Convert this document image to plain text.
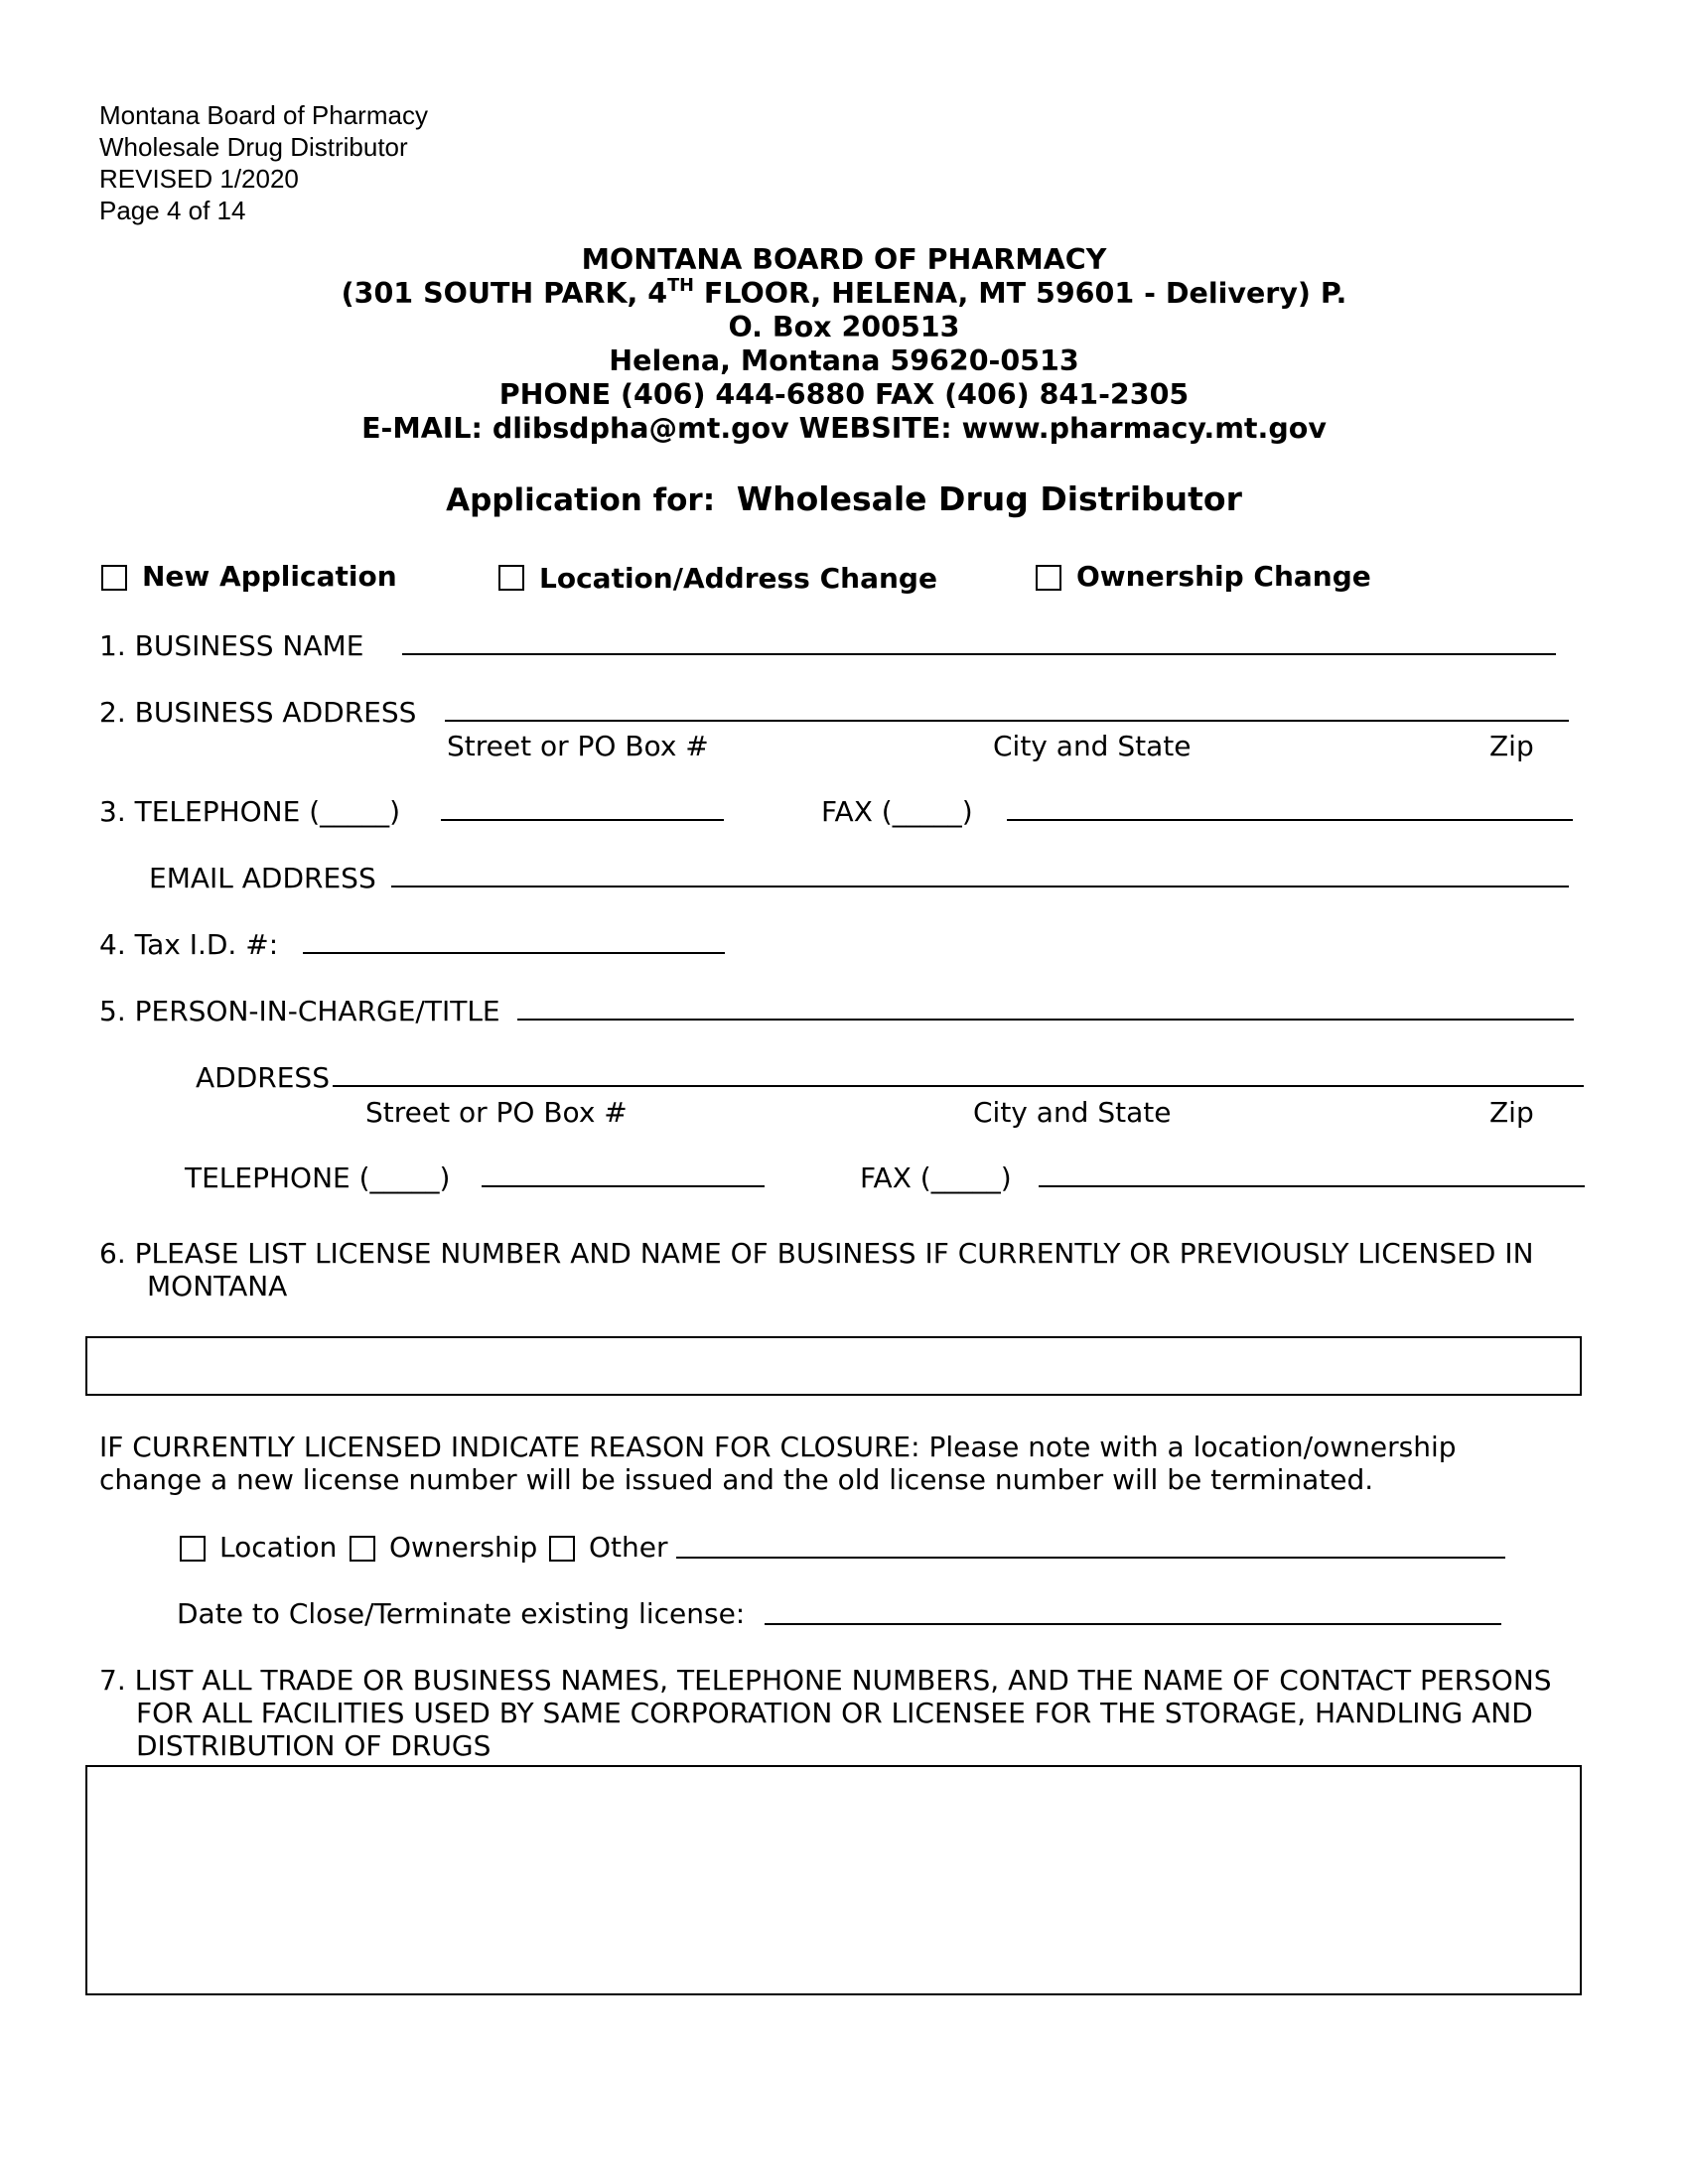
Montana Board of Pharmacy
Wholesale Drug Distributor
REVISED 1/2020
Page 4 of 14
MONTANA BOARD OF PHARMACY
(301 SOUTH PARK, 4TH FLOOR, HELENA, MT 59601 - Delivery) P.
O. Box 200513
Helena, Montana 59620-0513
PHONE (406) 444-6880 FAX (406) 841-2305
E-MAIL: dlibsdpha@mt.gov WEBSITE: www.pharmacy.mt.gov
Application for: Wholesale Drug Distributor
New Application	Location/Address Change	Ownership Change
1. BUSINESS NAME
2. BUSINESS ADDRESS
Street or PO Box #	City and State	Zip
3. TELEPHONE (_____)	FAX (_____)
EMAIL ADDRESS
4. Tax I.D. #:
5. PERSON-IN-CHARGE/TITLE
ADDRESS
Street or PO Box #	City and State	Zip
TELEPHONE (_____)	FAX (_____)
6. PLEASE LIST LICENSE NUMBER AND NAME OF BUSINESS IF CURRENTLY OR PREVIOUSLY LICENSED IN
MONTANA
IF CURRENTLY LICENSED INDICATE REASON FOR CLOSURE: Please note with a location/ownership
change a new license number will be issued and the old license number will be terminated.
Location Ownership Other
Date to Close/Terminate existing license:
7. LIST ALL TRADE OR BUSINESS NAMES, TELEPHONE NUMBERS, AND THE NAME OF CONTACT PERSONS
FOR ALL FACILITIES USED BY SAME CORPORATION OR LICENSEE FOR THE STORAGE, HANDLING AND
DISTRIBUTION OF DRUGS
